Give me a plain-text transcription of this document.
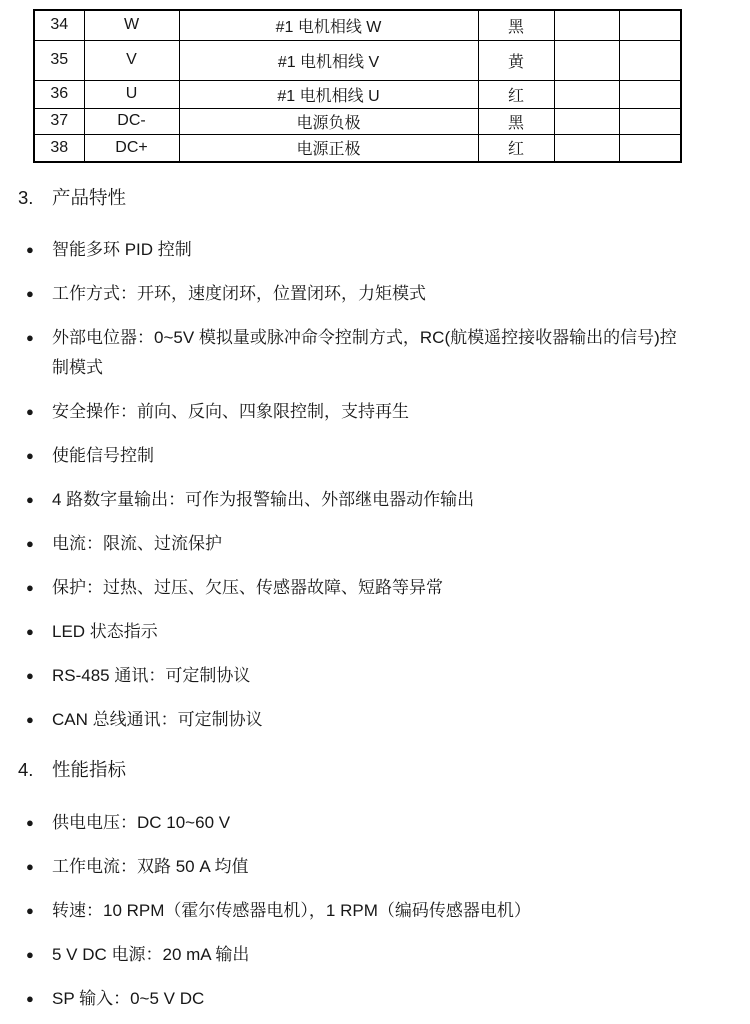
34	W	#1 电机相线 W	黑		
35	V	#1 电机相线 V	黄		
36	U	#1 电机相线 U	红		
37	DC-	电源负极	黑		
38	DC+	电源正极	红		
3. 产品特性
● 智能多环 PID 控制
● 工作方式：开环，速度闭环，位置闭环，力矩模式
● 外部电位器：0~5V 模拟量或脉冲命令控制方式，RC(航模遥控接收器输出的信号)控
制模式
● 安全操作：前向、反向、四象限控制，支持再生
● 使能信号控制
● 4 路数字量输出：可作为报警输出、外部继电器动作输出
● 电流：限流、过流保护
● 保护：过热、过压、欠压、传感器故障、短路等异常
● LED 状态指示
● RS-485 通讯：可定制协议
● CAN 总线通讯：可定制协议
4. 性能指标
● 供电电压：DC 10~60 V
● 工作电流：双路 50 A 均值
● 转速：10 RPM（霍尔传感器电机），1 RPM（编码传感器电机）
● 5 V DC 电源：20 mA 输出
● SP 输入：0~5 V DC
